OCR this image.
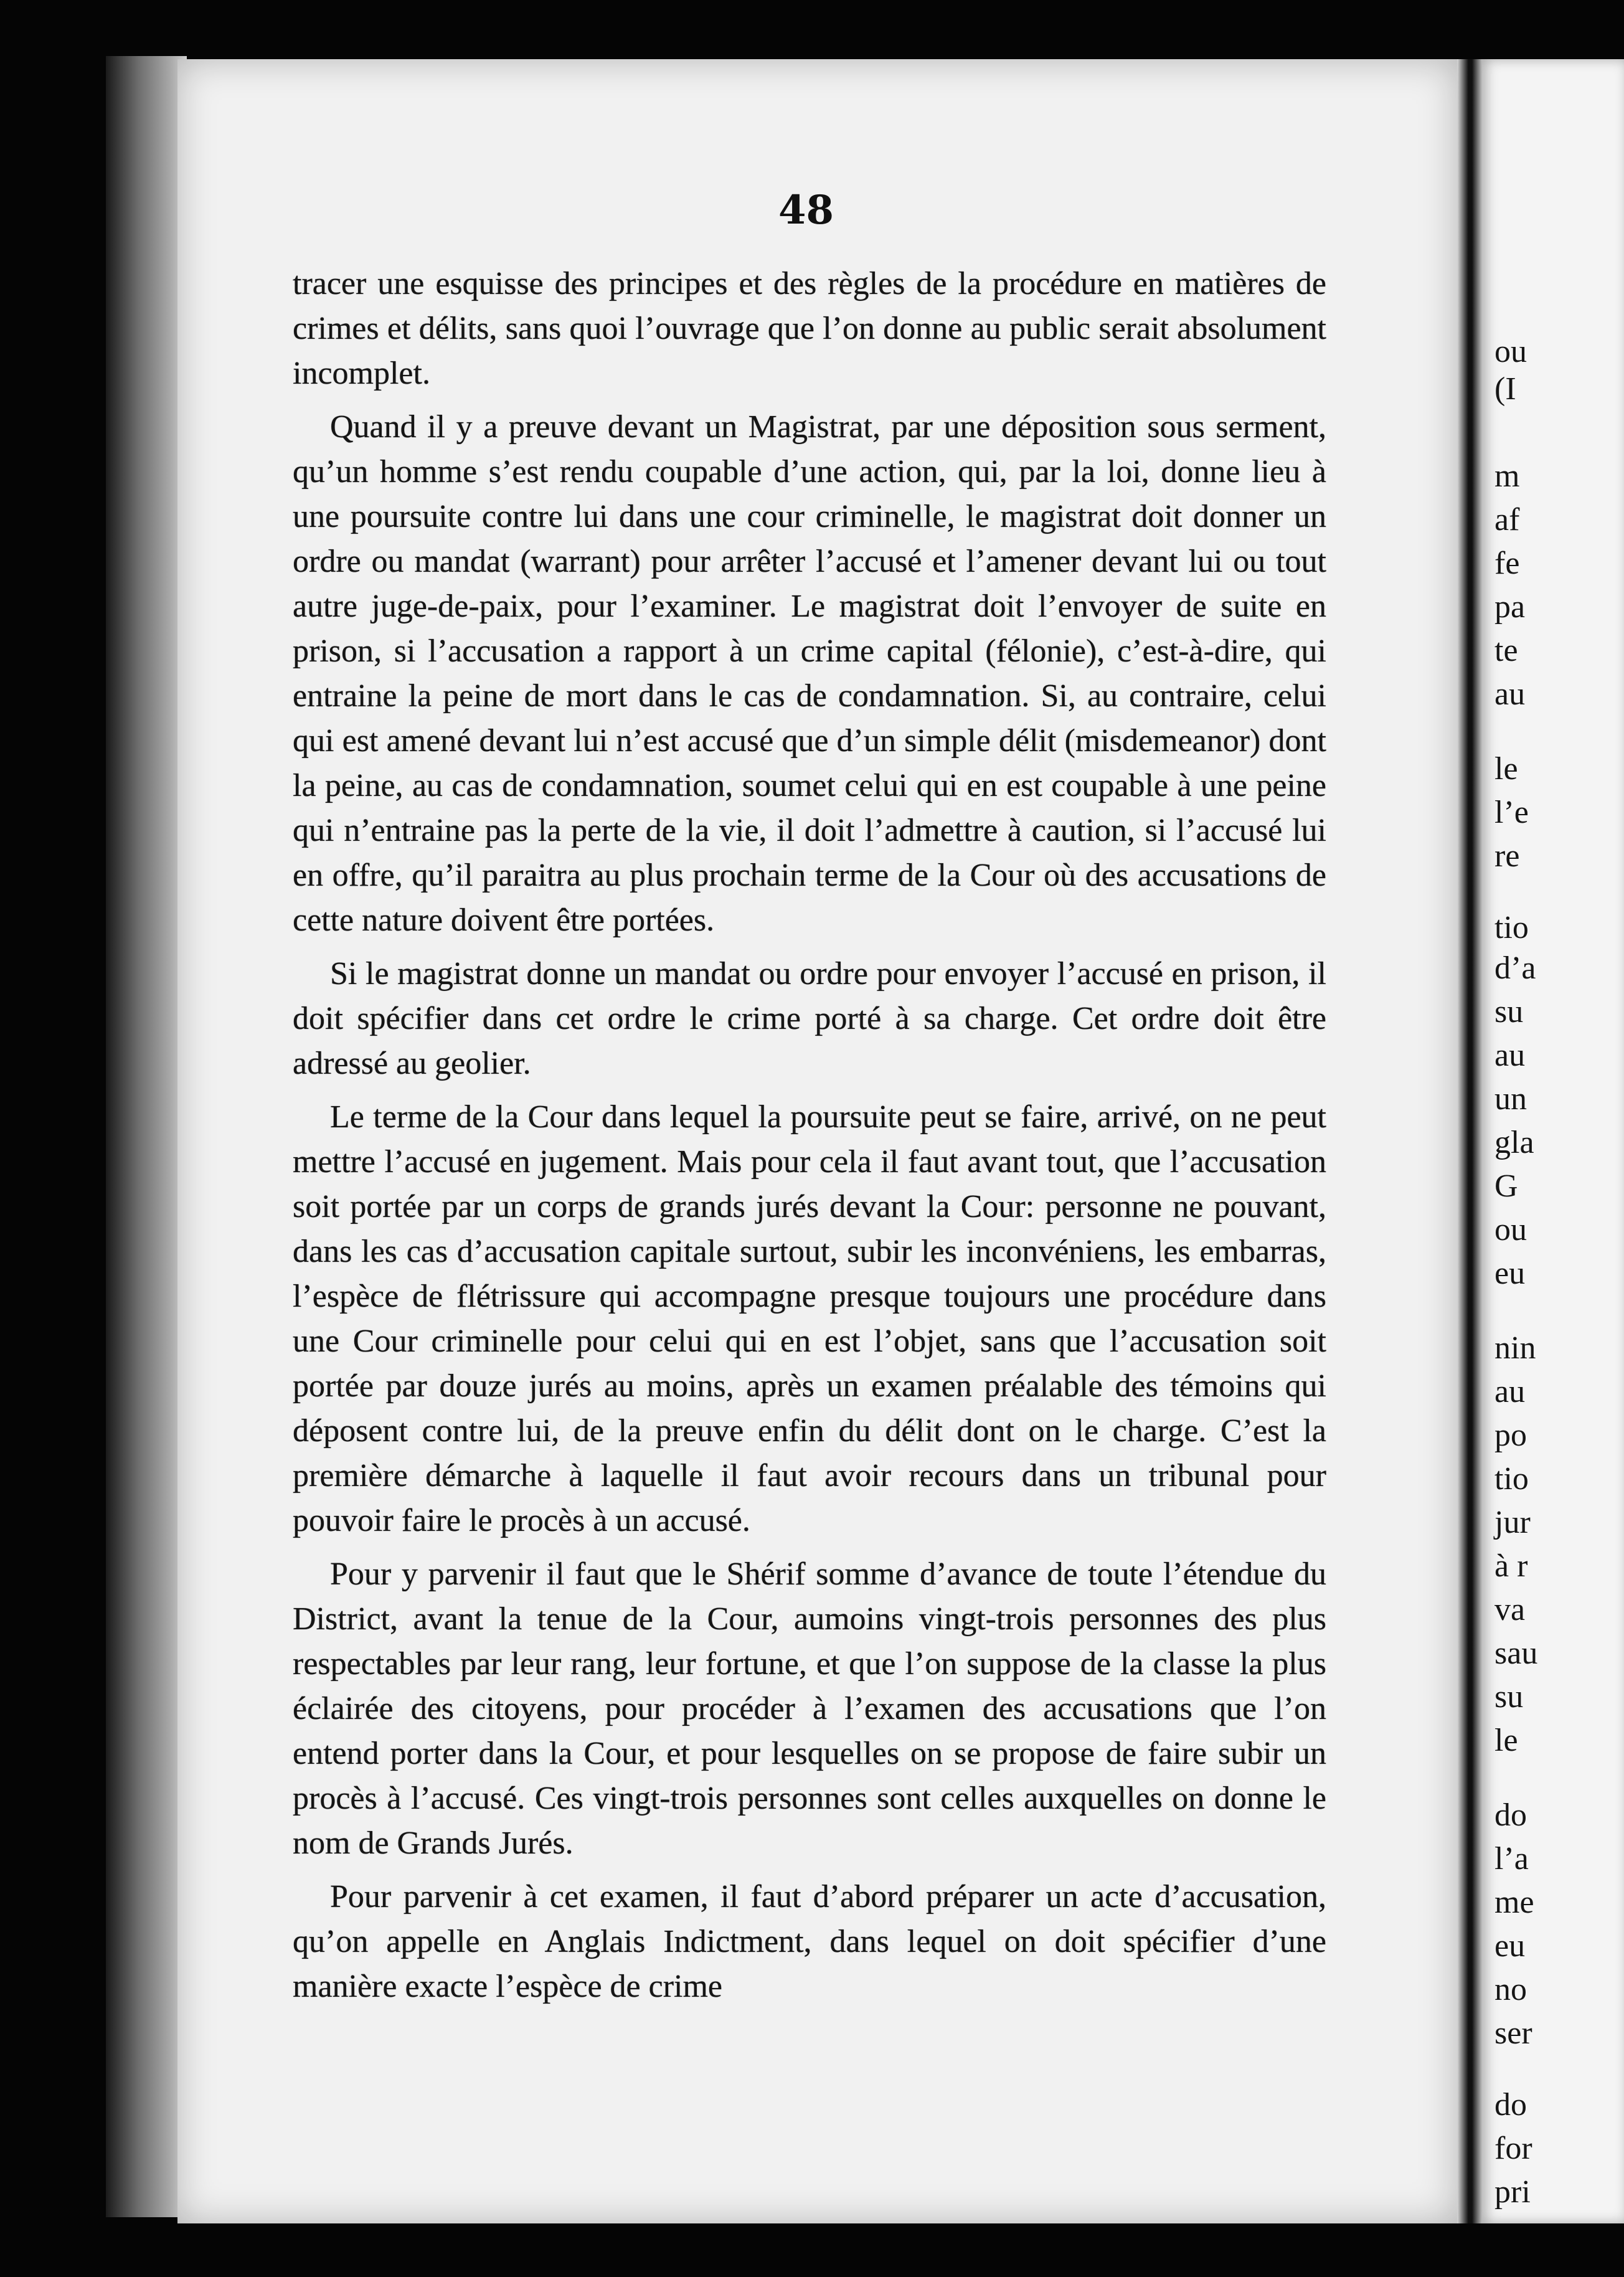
48

tracer une esquisse des principes et des règles de la procédure en matières de crimes et délits, sans quoi l’ouvrage que l’on donne au public serait absolument incomplet.

Quand il y a preuve devant un Magistrat, par une déposition sous serment, qu’un homme s’est rendu coupable d’une action, qui, par la loi, donne lieu à une poursuite contre lui dans une cour criminelle, le magistrat doit donner un ordre ou mandat (warrant) pour arrêter l’accusé et l’amener devant lui ou tout autre juge-de-paix, pour l’examiner. Le magistrat doit l’envoyer de suite en prison, si l’accusation a rapport à un crime capital (félonie), c’est-à-dire, qui entraine la peine de mort dans le cas de condamnation. Si, au contraire, celui qui est amené devant lui n’est accusé que d’un simple délit (misdemeanor) dont la peine, au cas de condamnation, soumet celui qui en est coupable à une peine qui n’entraine pas la perte de la vie, il doit l’admettre à caution, si l’accusé lui en offre, qu’il paraitra au plus prochain terme de la Cour où des accusations de cette nature doivent être portées.

Si le magistrat donne un mandat ou ordre pour envoyer l’accusé en prison, il doit spécifier dans cet ordre le crime porté à sa charge. Cet ordre doit être adressé au geolier.

Le terme de la Cour dans lequel la poursuite peut se faire, arrivé, on ne peut mettre l’accusé en jugement. Mais pour cela il faut avant tout, que l’accusation soit portée par un corps de grands jurés devant la Cour: personne ne pouvant, dans les cas d’accusation capitale surtout, subir les inconvéniens, les embarras, l’espèce de flétrissure qui accompagne presque toujours une procédure dans une Cour criminelle pour celui qui en est l’objet, sans que l’accusation soit portée par douze jurés au moins, après un examen préalable des témoins qui déposent contre lui, de la preuve enfin du délit dont on le charge. C’est la première démarche à laquelle il faut avoir recours dans un tribunal pour pouvoir faire le procès à un accusé.

Pour y parvenir il faut que le Shérif somme d’avance de toute l’étendue du District, avant la tenue de la Cour, aumoins vingt-trois personnes des plus respectables par leur rang, leur fortune, et que l’on suppose de la classe la plus éclairée des citoyens, pour procéder à l’examen des accusations que l’on entend porter dans la Cour, et pour lesquelles on se propose de faire subir un procès à l’accusé. Ces vingt-trois personnes sont celles auxquelles on donne le nom de Grands Jurés.

Pour parvenir à cet examen, il faut d’abord préparer un acte d’accusation, qu’on appelle en Anglais Indictment, dans lequel on doit spécifier d’une manière exacte l’espèce de crime

ou
(I
m
af
fe
pa
te
au
le
l’e
re
tio
d’a
su
au
un
gla
G
ou
eu
nin
au
po
tio
jur
à r
va
sau
su
le
do
l’a
me
eu
no
ser
do
for
pri
